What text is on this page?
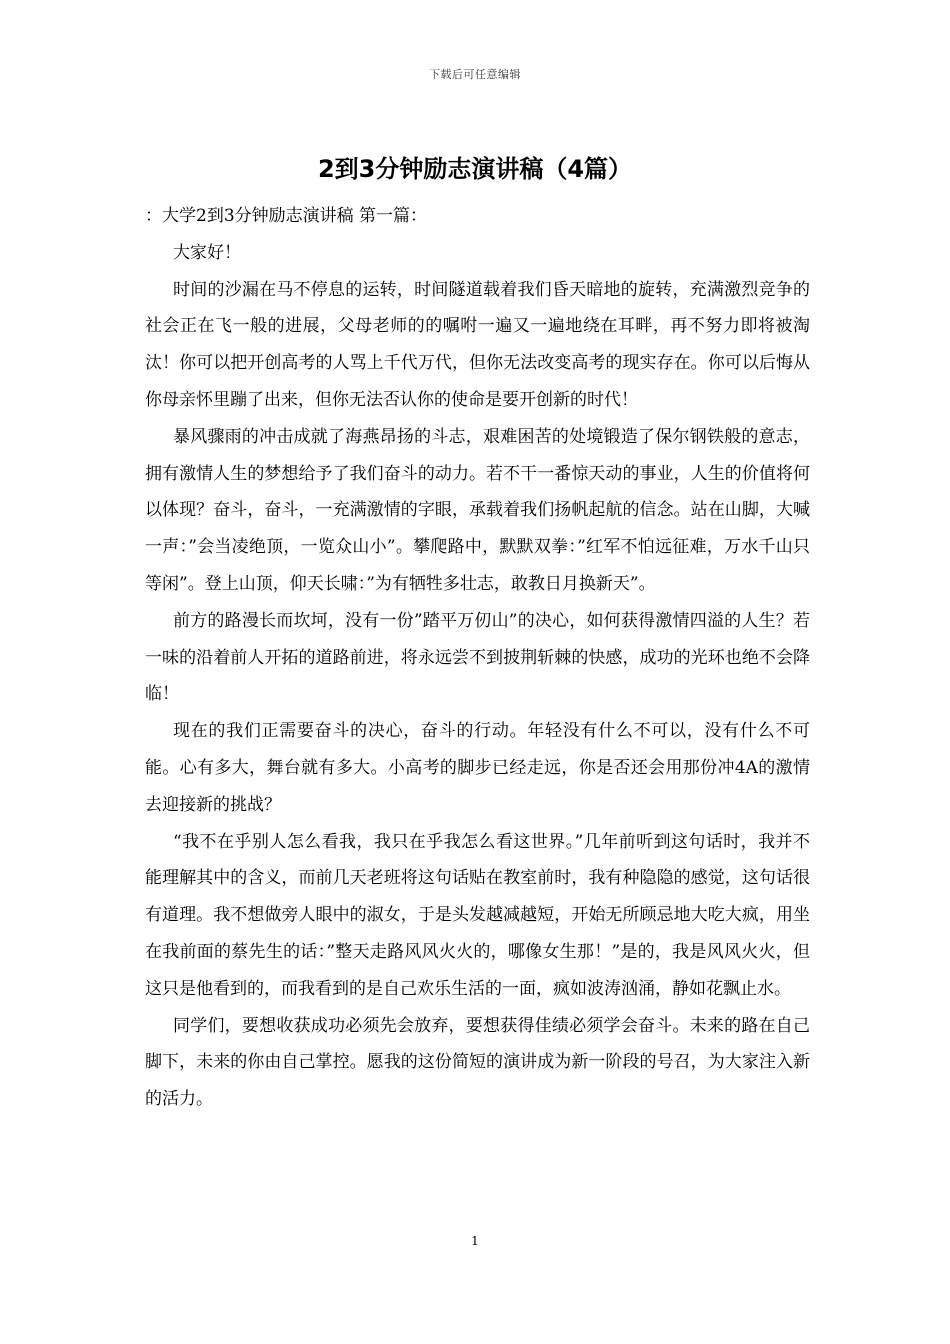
下载后可任意编辑
2到3分钟励志演讲稿（4篇）

：大学2到3分钟励志演讲稿 第一篇：

大家好！

时间的沙漏在马不停息的运转，时间隧道载着我们昏天暗地的旋转，充满激烈竞争的社会正在飞一般的进展，父母老师的的嘱咐一遍又一遍地绕在耳畔，再不努力即将被淘汰！你可以把开创高考的人骂上千代万代，但你无法改变高考的现实存在。你可以后悔从你母亲怀里蹦了出来，但你无法否认你的使命是要开创新的时代！

暴风骤雨的冲击成就了海燕昂扬的斗志，艰难困苦的处境锻造了保尔钢铁般的意志，拥有激情人生的梦想给予了我们奋斗的动力。若不干一番惊天动的事业，人生的价值将何以体现？奋斗，奋斗，一充满激情的字眼，承载着我们扬帆起航的信念。站在山脚，大喊一声：”会当凌绝顶，一览众山小”。攀爬路中，默默双拳：”红军不怕远征难，万水千山只等闲”。登上山顶，仰天长啸：”为有牺牲多壮志，敢教日月换新天”。

前方的路漫长而坎坷，没有一份”踏平万仞山”的决心，如何获得激情四溢的人生？若一味的沿着前人开拓的道路前进，将永远尝不到披荆斩棘的快感，成功的光环也绝不会降临！

现在的我们正需要奋斗的决心，奋斗的行动。年轻没有什么不可以，没有什么不可能。心有多大，舞台就有多大。小高考的脚步已经走远，你是否还会用那份冲4A的激情去迎接新的挑战？

“我不在乎别人怎么看我，我只在乎我怎么看这世界。”几年前听到这句话时，我并不能理解其中的含义，而前几天老班将这句话贴在教室前时，我有种隐隐的感觉，这句话很有道理。我不想做旁人眼中的淑女，于是头发越减越短，开始无所顾忌地大吃大疯，用坐在我前面的蔡先生的话：”整天走路风风火火的，哪像女生那！”是的，我是风风火火，但这只是他看到的，而我看到的是自己欢乐生活的一面，疯如波涛汹涌，静如花飘止水。

同学们，要想收获成功必须先会放弃，要想获得佳绩必须学会奋斗。未来的路在自己脚下，未来的你由自己掌控。愿我的这份简短的演讲成为新一阶段的号召，为大家注入新的活力。

1
